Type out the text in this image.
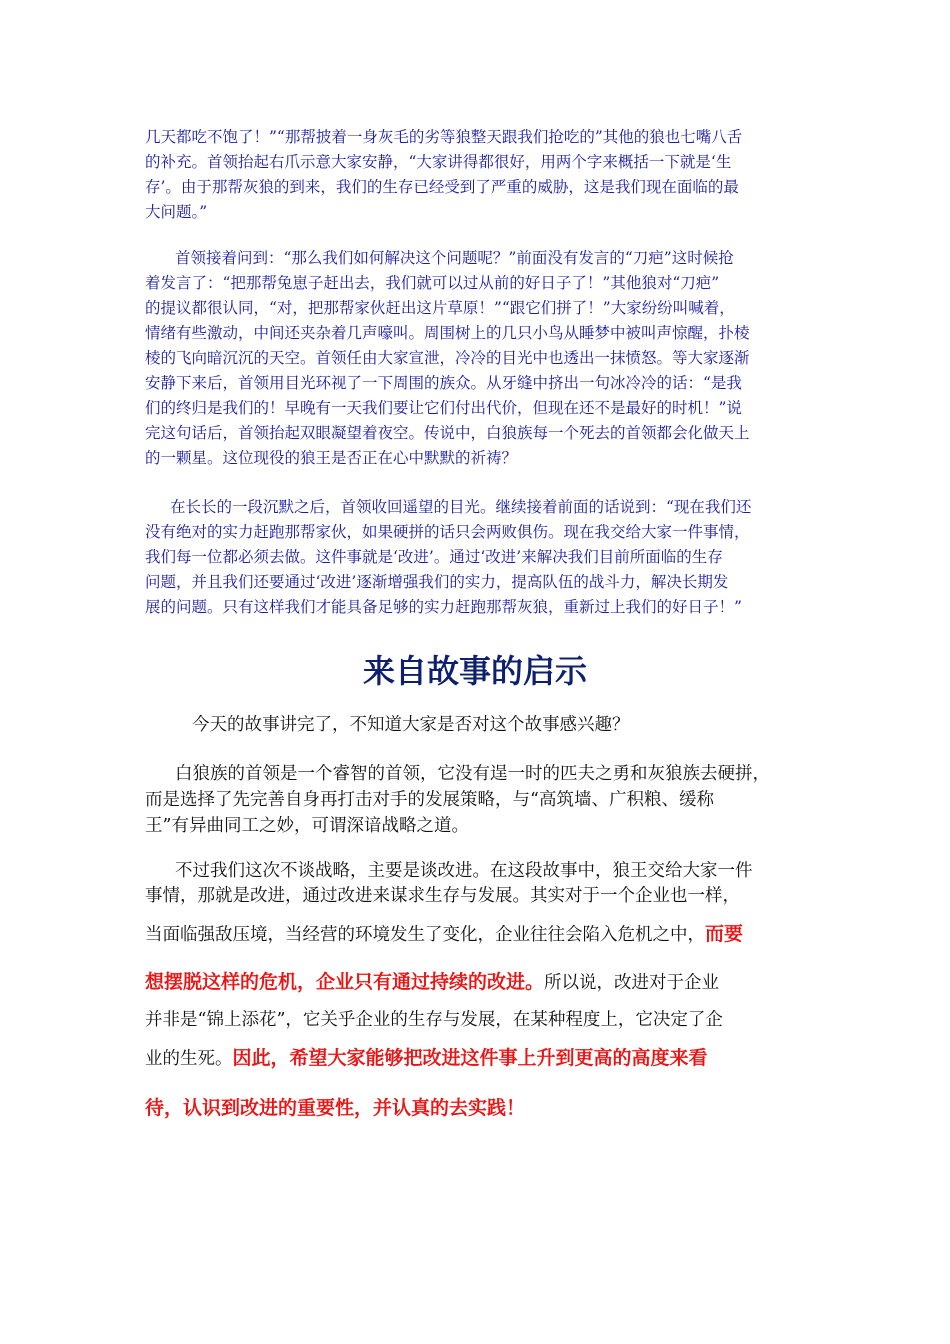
几天都吃不饱了！”“那帮披着一身灰毛的劣等狼整天跟我们抢吃的”其他的狼也七嘴八舌
的补充。首领抬起右爪示意大家安静，“大家讲得都很好，用两个字来概括一下就是‘生
存’。由于那帮灰狼的到来，我们的生存已经受到了严重的威胁，这是我们现在面临的最
大问题。”
首领接着问到：“那么我们如何解决这个问题呢？”前面没有发言的“刀疤”这时候抢
着发言了：“把那帮兔崽子赶出去，我们就可以过从前的好日子了！”其他狼对“刀疤”
的提议都很认同，“对，把那帮家伙赶出这片草原！”“跟它们拼了！”大家纷纷叫喊着，
情绪有些激动，中间还夹杂着几声嚎叫。周围树上的几只小鸟从睡梦中被叫声惊醒，扑棱
棱的飞向暗沉沉的天空。首领任由大家宣泄，冷冷的目光中也透出一抹愤怒。等大家逐渐
安静下来后，首领用目光环视了一下周围的族众。从牙缝中挤出一句冰冷冷的话：“是我
们的终归是我们的！早晚有一天我们要让它们付出代价，但现在还不是最好的时机！”说
完这句话后，首领抬起双眼凝望着夜空。传说中，白狼族每一个死去的首领都会化做天上
的一颗星。这位现役的狼王是否正在心中默默的祈祷？
在长长的一段沉默之后，首领收回遥望的目光。继续接着前面的话说到：“现在我们还
没有绝对的实力赶跑那帮家伙，如果硬拼的话只会两败俱伤。现在我交给大家一件事情，
我们每一位都必须去做。这件事就是‘改进’。通过‘改进’来解决我们目前所面临的生存
问题，并且我们还要通过‘改进’逐渐增强我们的实力，提高队伍的战斗力，解决长期发
展的问题。只有这样我们才能具备足够的实力赶跑那帮灰狼，重新过上我们的好日子！”
来自故事的启示
今天的故事讲完了，不知道大家是否对这个故事感兴趣？
白狼族的首领是一个睿智的首领，它没有逞一时的匹夫之勇和灰狼族去硬拼，
而是选择了先完善自身再打击对手的发展策略，与“高筑墙、广积粮、缓称
王”有异曲同工之妙，可谓深谙战略之道。
不过我们这次不谈战略，主要是谈改进。在这段故事中，狼王交给大家一件
事情，那就是改进，通过改进来谋求生存与发展。其实对于一个企业也一样，
当面临强敌压境，当经营的环境发生了变化，企业往往会陷入危机之中，而要
想摆脱这样的危机，企业只有通过持续的改进。所以说，改进对于企业
并非是“锦上添花”，它关乎企业的生存与发展，在某种程度上，它决定了企
业的生死。因此，希望大家能够把改进这件事上升到更高的高度来看
待，认识到改进的重要性，并认真的去实践！
